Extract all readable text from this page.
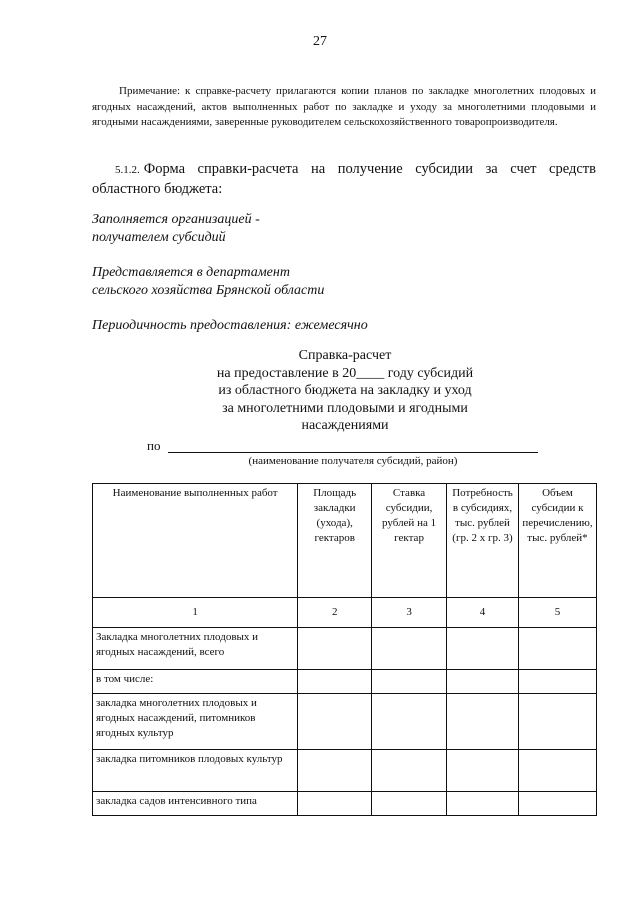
27
Примечание: к справке-расчету прилагаются копии планов по закладке многолетних плодовых и ягодных насаждений, актов выполненных работ по закладке и уходу за многолетними плодовыми и ягодными насаждениями, заверенные руководителем сельскохозяйственного товаропроизводителя.
5.1.2. Форма справки-расчета на получение субсидии за счет средств областного бюджета:
Заполняется организацией -
получателем субсидий
Представляется в департамент
сельского хозяйства Брянской области
Периодичность предоставления: ежемесячно
Справка-расчет
на предоставление в 20____ году субсидий
из областного бюджета на закладку и уход
за многолетними плодовыми и ягодными
насаждениями
по
(наименование получателя субсидий, район)
Наименование выполненных работ	Площадь закладки (ухода), гектаров	Ставка субсидии, рублей на 1 гектар	Потребность в субсидиях, тыс. рублей (гр. 2 х гр. 3)	Объем субсидии к перечислению, тыс. рублей*
1	2	3	4	5
Закладка многолетних плодовых и ягодных насаждений, всего				
в том числе:				
закладка многолетних плодовых и ягодных насаждений, питомников ягодных культур				
закладка питомников плодовых культур				
закладка садов интенсивного типа				
